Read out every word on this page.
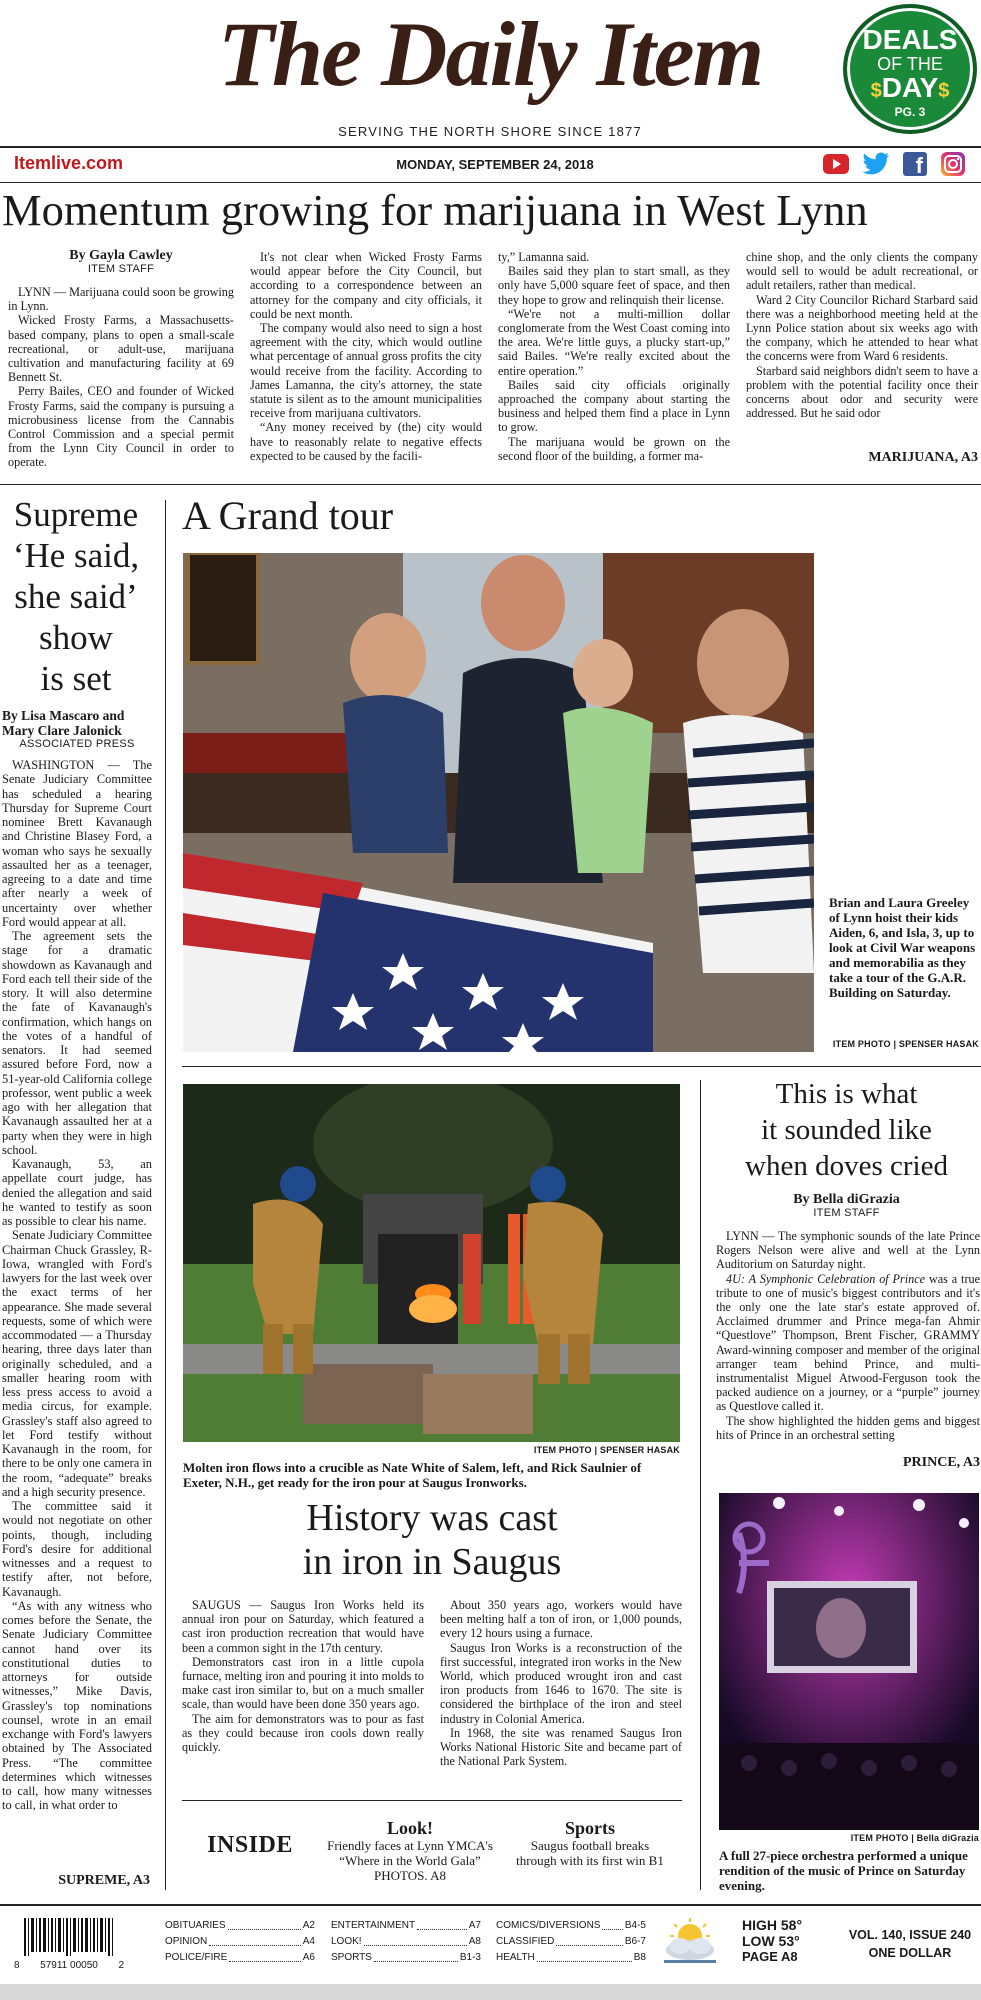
The Daily Item
SERVING THE NORTH SHORE SINCE 1877
DEALS
OF THE
$DAY$
PG. 3
Itemlive.com	MONDAY, SEPTEMBER 24, 2018	f
Momentum growing for marijuana in West Lynn
By Gayla Cawley
ITEM STAFF

LYNN — Marijuana could soon be growing in Lynn.

Wicked Frosty Farms, a Massachusetts-based company, plans to open a small-scale recreational, or adult-use, marijuana cultivation and manufacturing facility at 69 Bennett St.

Perry Bailes, CEO and founder of Wicked Frosty Farms, said the company is pursuing a microbusiness license from the Cannabis Control Commission and a special permit from the Lynn City Council in order to operate.

It's not clear when Wicked Frosty Farms would appear before the City Council, but according to a correspondence between an attorney for the company and city officials, it could be next month.

The company would also need to sign a host agreement with the city, which would outline what percentage of annual gross profits the city would receive from the facility. According to James Lamanna, the city's attorney, the state statute is silent as to the amount municipalities receive from marijuana cultivators.

“Any money received by (the) city would have to reasonably relate to negative effects expected to be caused by the facili-

ty,” Lamanna said.

Bailes said they plan to start small, as they only have 5,000 square feet of space, and then they hope to grow and relinquish their license.

“We're not a multi-million dollar conglomerate from the West Coast coming into the area. We're little guys, a plucky start-up,” said Bailes. “We're really excited about the entire operation.”

Bailes said city officials originally approached the company about starting the business and helped them find a place in Lynn to grow.

The marijuana would be grown on the second floor of the building, a former ma-

chine shop, and the only clients the company would sell to would be adult recreational, or adult retailers, rather than medical.

Ward 2 City Councilor Richard Starbard said there was a neighborhood meeting held at the Lynn Police station about six weeks ago with the company, which he attended to hear what the concerns were from Ward 6 residents.

Starbard said neighbors didn't seem to have a problem with the potential facility once their concerns about odor and security were addressed. But he said odor

MARIJUANA, A3
Supreme
‘He said,
she said’
show
is set
By Lisa Mascaro and Mary Clare Jalonick
ASSOCIATED PRESS

WASHINGTON — The Senate Judiciary Committee has scheduled a hearing Thursday for Supreme Court nominee Brett Kavanaugh and Christine Blasey Ford, a woman who says he sexually assaulted her as a teenager, agreeing to a date and time after nearly a week of uncertainty over whether Ford would appear at all.

The agreement sets the stage for a dramatic showdown as Kavanaugh and Ford each tell their side of the story. It will also determine the fate of Kavanaugh's confirmation, which hangs on the votes of a handful of senators. It had seemed assured before Ford, now a 51-year-old California college professor, went public a week ago with her allegation that Kavanaugh assaulted her at a party when they were in high school.

Kavanaugh, 53, an appellate court judge, has denied the allegation and said he wanted to testify as soon as possible to clear his name.

Senate Judiciary Committee Chairman Chuck Grassley, R-Iowa, wrangled with Ford's lawyers for the last week over the exact terms of her appearance. She made several requests, some of which were accommodated — a Thursday hearing, three days later than originally scheduled, and a smaller hearing room with less press access to avoid a media circus, for example. Grassley's staff also agreed to let Ford testify without Kavanaugh in the room, for there to be only one camera in the room, “adequate” breaks and a high security presence.

The committee said it would not negotiate on other points, though, including Ford's desire for additional witnesses and a request to testify after, not before, Kavanaugh.

“As with any witness who comes before the Senate, the Senate Judiciary Committee cannot hand over its constitutional duties to attorneys for outside witnesses,” Mike Davis, Grassley's top nominations counsel, wrote in an email exchange with Ford's lawyers obtained by The Associated Press. “The committee determines which witnesses to call, how many witnesses to call, in what order to

SUPREME, A3
A Grand tour
Brian and Laura Greeley of Lynn hoist their kids Aiden, 6, and Isla, 3, up to look at Civil War weapons and memorabilia as they take a tour of the G.A.R. Building on Saturday.
ITEM PHOTO | SPENSER HASAK
ITEM PHOTO | SPENSER HASAK
Molten iron flows into a crucible as Nate White of Salem, left, and Rick Saulnier of Exeter, N.H., get ready for the iron pour at Saugus Ironworks.
History was cast
in iron in Saugus

SAUGUS — Saugus Iron Works held its annual iron pour on Saturday, which featured a cast iron production recreation that would have been a common sight in the 17th century.

Demonstrators cast iron in a little cupola furnace, melting iron and pouring it into molds to make cast iron similar to, but on a much smaller scale, than would have been done 350 years ago.

The aim for demonstrators was to pour as fast as they could because iron cools down really quickly.

About 350 years ago, workers would have been melting half a ton of iron, or 1,000 pounds, every 12 hours using a furnace.

Saugus Iron Works is a reconstruction of the first successful, integrated iron works in the New World, which produced wrought iron and cast iron products from 1646 to 1670. The site is considered the birthplace of the iron and steel industry in Colonial America.

In 1968, the site was renamed Saugus Iron Works National Historic Site and became part of the National Park System.

INSIDE
Look!
Friendly faces at Lynn YMCA's “Where in the World Gala” PHOTOS. A8
Sports
Saugus football breaks through with its first win B1
This is what
it sounded like
when doves cried
By Bella diGrazia
ITEM STAFF

LYNN — The symphonic sounds of the late Prince Rogers Nelson were alive and well at the Lynn Auditorium on Saturday night.

4U: A Symphonic Celebration of Prince was a true tribute to one of music's biggest contributors and it's the only one the late star's estate approved of. Acclaimed drummer and Prince mega-fan Ahmir “Questlove” Thompson, Brent Fischer, GRAMMY Award-winning composer and member of the original arranger team behind Prince, and multi-instrumentalist Miguel Atwood-Ferguson took the packed audience on a journey, or a “purple” journey as Questlove called it.

The show highlighted the hidden gems and biggest hits of Prince in an orchestral setting

PRINCE, A3
ITEM PHOTO | Bella diGrazia
A full 27-piece orchestra performed a unique rendition of the music of Prince on Saturday evening.
8 57911 00050 2
OBITUARIES	A2
OPINION	A4
POLICE/FIRE	A6
ENTERTAINMENT	A7
LOOK!	A8
SPORTS	B1-3
COMICS/DIVERSIONS B4-5
CLASSIFIED	B6-7
HEALTH	B8
HIGH 58°
LOW 53°
PAGE A8
VOL. 140, ISSUE 240
ONE DOLLAR
